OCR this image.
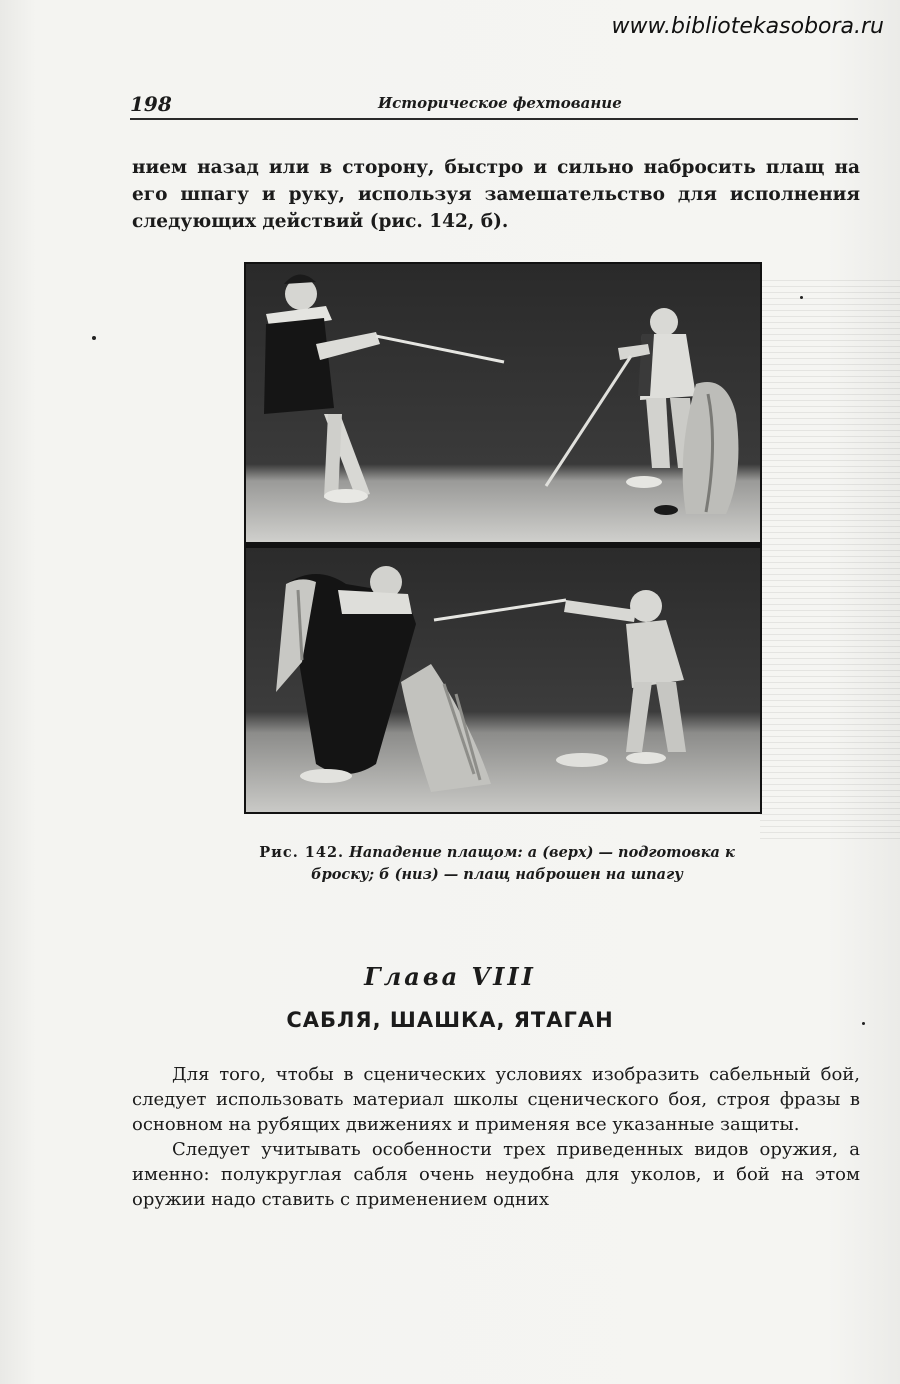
www.bibliotekasobora.ru
198	Историческое фехтование

нием назад или в сторону, быстро и сильно набросить плащ на его шпагу и руку, используя замешательство для исполнения следующих действий (рис. 142, б).

Рис. 142. Нападение плащом: а (верх) — подготовка к броску; б (низ) — плащ наброшен на шпагу

Глава VIII
САБЛЯ, ШАШКА, ЯТАГАН

Для того, чтобы в сценических условиях изобразить сабельный бой, следует использовать материал школы сценического боя, строя фразы в основном на рубящих движениях и применяя все указанные защиты.

Следует учитывать особенности трех приведенных видов оружия, а именно: полукруглая сабля очень неудобна для уколов, и бой на этом оружии надо ставить с применением одних
